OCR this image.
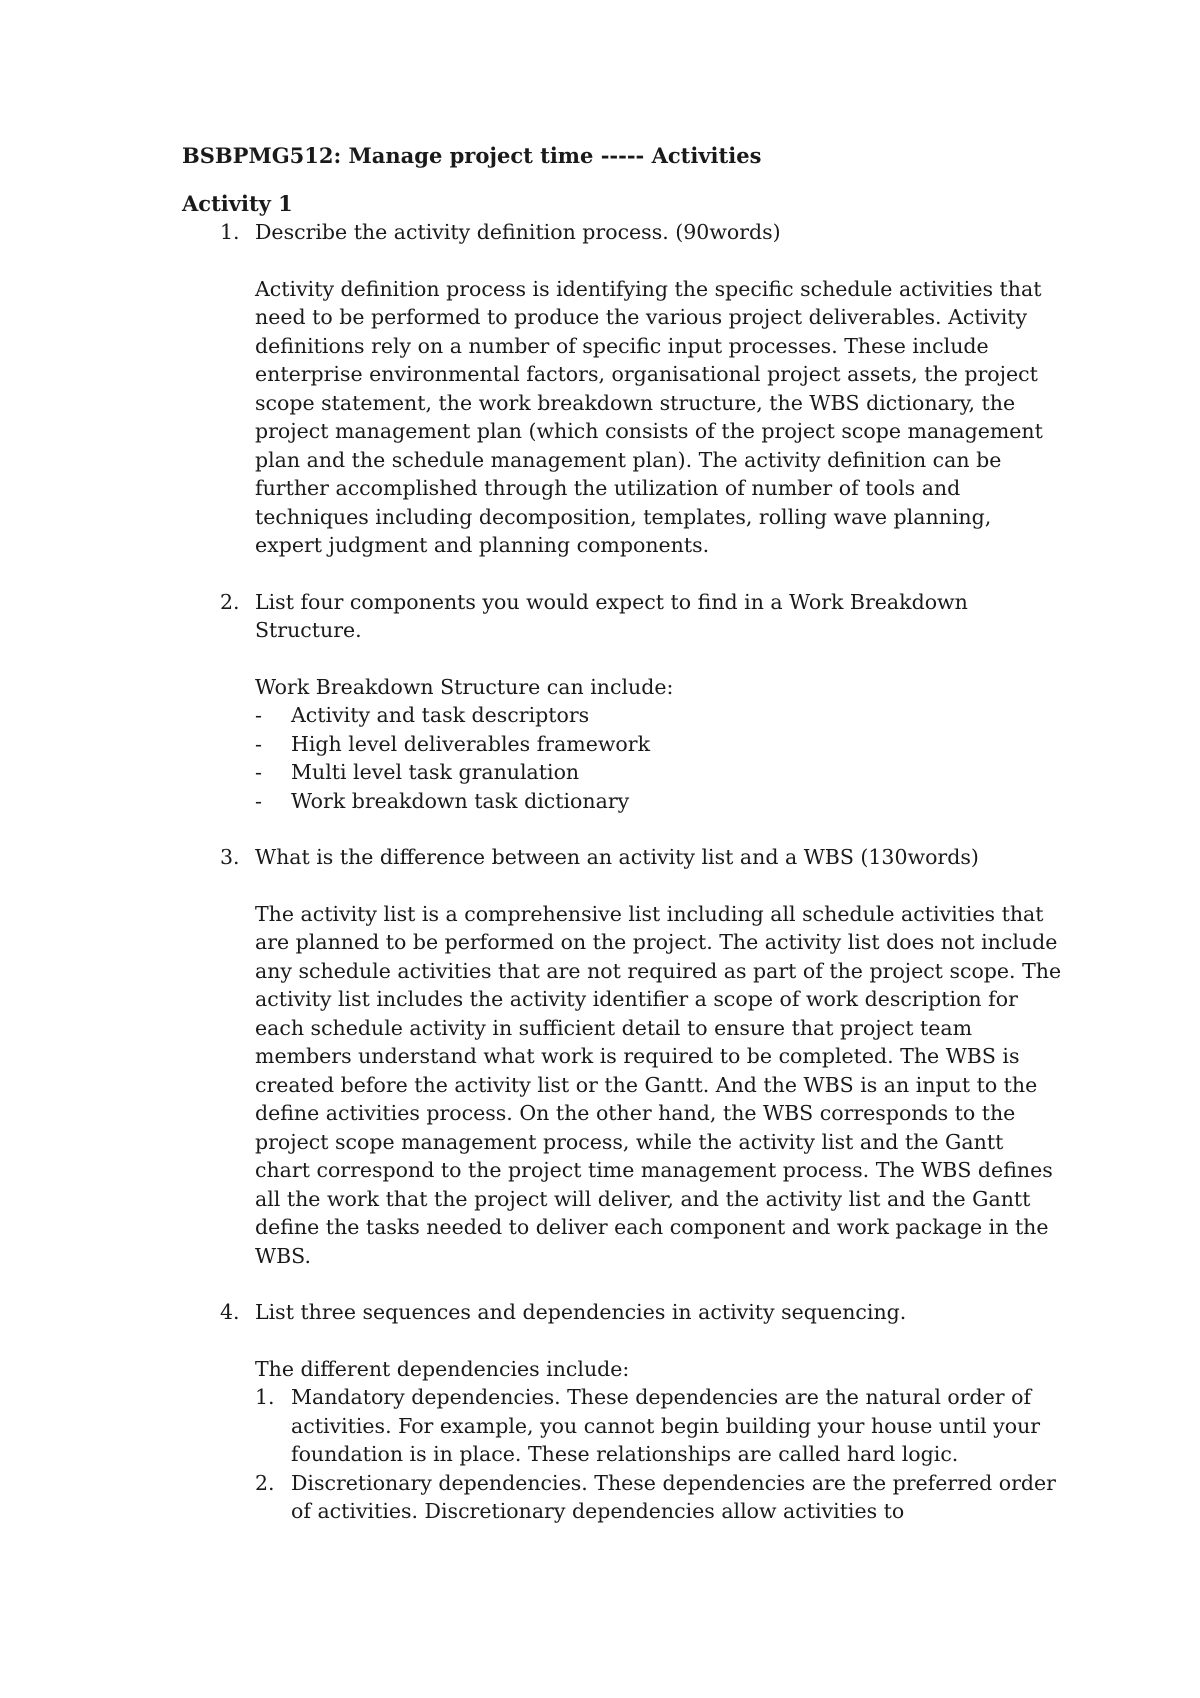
BSBPMG512: Manage project time ----- Activities
Activity 1
1. Describe the activity definition process. (90words)

Activity definition process is identifying the specific schedule activities that need to be performed to produce the various project deliverables. Activity definitions rely on a number of specific input processes. These include enterprise environmental factors, organisational project assets, the project scope statement, the work breakdown structure, the WBS dictionary, the project management plan (which consists of the project scope management plan and the schedule management plan). The activity definition can be further accomplished through the utilization of number of tools and techniques including decomposition, templates, rolling wave planning, expert judgment and planning components.

2. List four components you would expect to find in a Work Breakdown Structure.

Work Breakdown Structure can include:

- Activity and task descriptors
- High level deliverables framework
- Multi level task granulation
- Work breakdown task dictionary
3. What is the difference between an activity list and a WBS (130words)

The activity list is a comprehensive list including all schedule activities that are planned to be performed on the project. The activity list does not include any schedule activities that are not required as part of the project scope. The activity list includes the activity identifier a scope of work description for each schedule activity in sufficient detail to ensure that project team members understand what work is required to be completed. The WBS is created before the activity list or the Gantt. And the WBS is an input to the define activities process. On the other hand, the WBS corresponds to the project scope management process, while the activity list and the Gantt chart correspond to the project time management process. The WBS defines all the work that the project will deliver, and the activity list and the Gantt define the tasks needed to deliver each component and work package in the WBS.

4. List three sequences and dependencies in activity sequencing.

The different dependencies include:

1. Mandatory dependencies. These dependencies are the natural order of activities. For example, you cannot begin building your house until your foundation is in place. These relationships are called hard logic.
2. Discretionary dependencies. These dependencies are the preferred order of activities. Discretionary dependencies allow activities to
